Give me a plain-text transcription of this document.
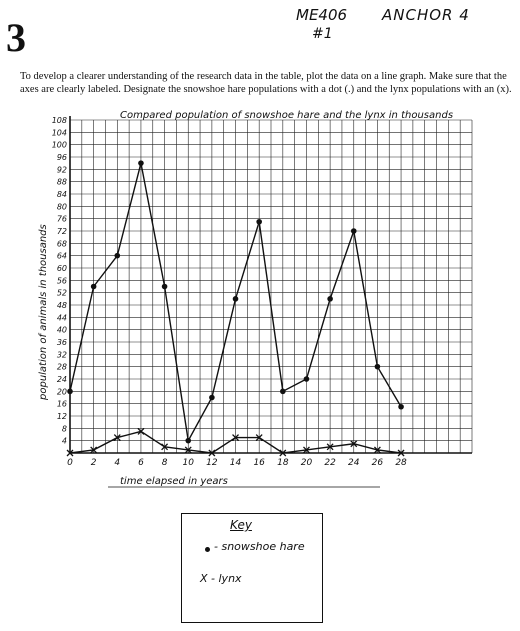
3	ME406 ANCHOR 4
#1
To develop a clearer understanding of the research data in the table, plot the data on a line graph. Make sure that the axes are clearly labeled. Designate the snowshoe hare populations with a dot (.) and the lynx populations with an (x).
4
8
12
16
20
24
28
32
36
40
44
48
52
56
60
64
68
72
76
80
84
88
92
96
100
104
108
0 2 4 6 8 10 12 14 16 18 20 22 24 26 28
Compared population of snowshoe hare and the lynx in thousands
time elapsed in years
population of animals in thousands
Key
- snowshoe hare
X - lynx
